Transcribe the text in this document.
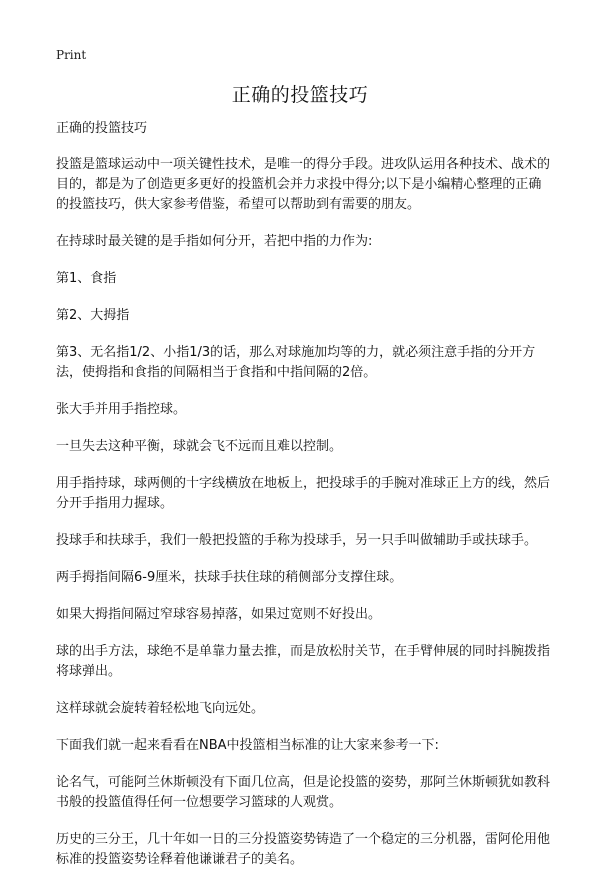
Print
正确的投篮技巧

正确的投篮技巧

投篮是篮球运动中一项关键性技术，是唯一的得分手段。进攻队运用各种技术、战术的目的，都是为了创造更多更好的投篮机会并力求投中得分;以下是小编精心整理的正确的投篮技巧，供大家参考借鉴，希望可以帮助到有需要的朋友。

在持球时最关键的是手指如何分开，若把中指的力作为:

第1、食指

第2、大拇指

第3、无名指1/2、小指1/3的话，那么对球施加均等的力，就必须注意手指的分开方法，使拇指和食指的间隔相当于食指和中指间隔的2倍。

张大手并用手指控球。

一旦失去这种平衡，球就会飞不远而且难以控制。

用手指持球，球两侧的十字线横放在地板上，把投球手的手腕对准球正上方的线，然后分开手指用力握球。

投球手和扶球手，我们一般把投篮的手称为投球手，另一只手叫做辅助手或扶球手。

两手拇指间隔6-9厘米，扶球手扶住球的稍侧部分支撑住球。

如果大拇指间隔过窄球容易掉落，如果过宽则不好投出。

球的出手方法，球绝不是单靠力量去推，而是放松肘关节，在手臂伸展的同时抖腕拨指将球弹出。

这样球就会旋转着轻松地飞向远处。

下面我们就一起来看看在NBA中投篮相当标准的让大家来参考一下:

论名气，可能阿兰休斯顿没有下面几位高，但是论投篮的姿势，那阿兰休斯顿犹如教科书般的投篮值得任何一位想要学习篮球的人观赏。

历史的三分王，几十年如一日的三分投篮姿势铸造了一个稳定的三分机器，雷阿伦用他标准的投篮姿势诠释着他谦谦君子的美名。
